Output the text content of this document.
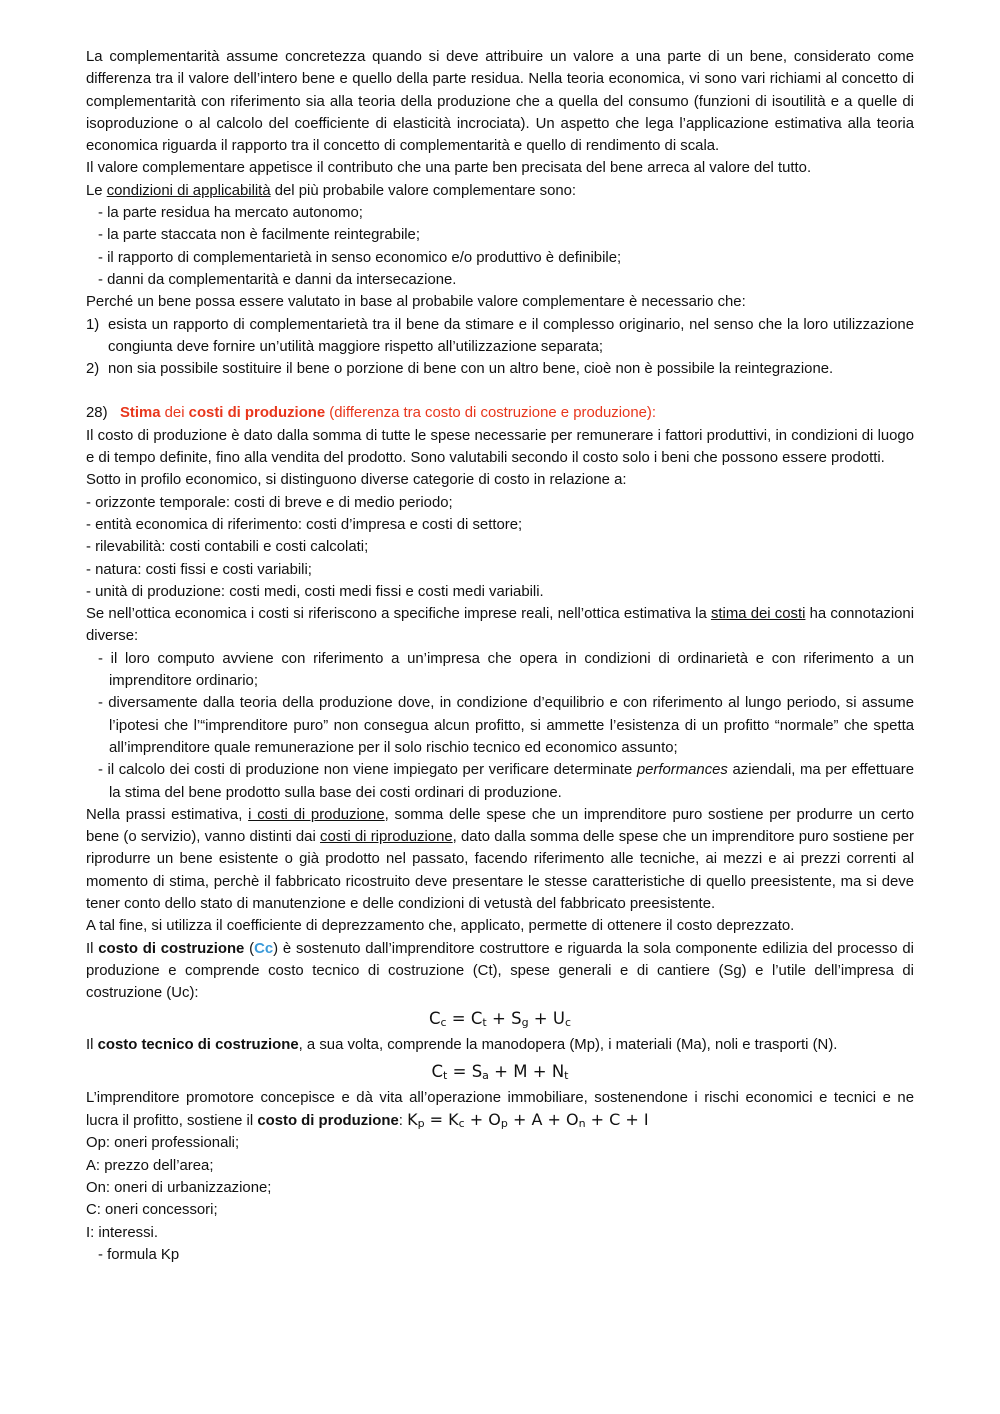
La complementarità assume concretezza quando si deve attribuire un valore a una parte di un bene, considerato come differenza tra il valore dell’intero bene e quello della parte residua. Nella teoria economica, vi sono vari richiami al concetto di complementarità con riferimento sia alla teoria della produzione che a quella del consumo (funzioni di isoutilità e a quelle di isoproduzione o al calcolo del coefficiente di elasticità incrociata). Un aspetto che lega l’applicazione estimativa alla teoria economica riguarda il rapporto tra il concetto di complementarità e quello di rendimento di scala.

Il valore complementare appetisce il contributo che una parte ben precisata del bene arreca al valore del tutto.

Le condizioni di applicabilità del più probabile valore complementare sono:

- la parte residua ha mercato autonomo;
- la parte staccata non è facilmente reintegrabile;
- il rapporto di complementarietà in senso economico e/o produttivo è definibile;
- danni da complementarità e danni da intersecazione.

Perché un bene possa essere valutato in base al probabile valore complementare è necessario che:

1) esista un rapporto di complementarietà tra il bene da stimare e il complesso originario, nel senso che la loro utilizzazione congiunta deve fornire un’utilità maggiore rispetto all’utilizzazione separata;
2) non sia possibile sostituire il bene o porzione di bene con un altro bene, cioè non è possibile la reintegrazione.

28) Stima dei costi di produzione (differenza tra costo di costruzione e produzione):

Il costo di produzione è dato dalla somma di tutte le spese necessarie per remunerare i fattori produttivi, in condizioni di luogo e di tempo definite, fino alla vendita del prodotto. Sono valutabili secondo il costo solo i beni che possono essere prodotti.

Sotto in profilo economico, si distinguono diverse categorie di costo in relazione a:

- orizzonte temporale: costi di breve e di medio periodo;
- entità economica di riferimento: costi d’impresa e costi di settore;
- rilevabilità: costi contabili e costi calcolati;
- natura: costi fissi e costi variabili;
- unità di produzione: costi medi, costi medi fissi e costi medi variabili.

Se nell’ottica economica i costi si riferiscono a specifiche imprese reali, nell’ottica estimativa la stima dei costi ha connotazioni diverse:

- il loro computo avviene con riferimento a un’impresa che opera in condizioni di ordinarietà e con riferimento a un imprenditore ordinario;
- diversamente dalla teoria della produzione dove, in condizione d’equilibrio e con riferimento al lungo periodo, si assume l’ipotesi che l’“imprenditore puro” non consegua alcun profitto, si ammette l’esistenza di un profitto “normale” che spetta all’imprenditore quale remunerazione per il solo rischio tecnico ed economico assunto;
- il calcolo dei costi di produzione non viene impiegato per verificare determinate performances aziendali, ma per effettuare la stima del bene prodotto sulla base dei costi ordinari di produzione.

Nella prassi estimativa, i costi di produzione, somma delle spese che un imprenditore puro sostiene per produrre un certo bene (o servizio), vanno distinti dai costi di riproduzione, dato dalla somma delle spese che un imprenditore puro sostiene per riprodurre un bene esistente o già prodotto nel passato, facendo riferimento alle tecniche, ai mezzi e ai prezzi correnti al momento di stima, perchè il fabbricato ricostruito deve presentare le stesse caratteristiche di quello preesistente, ma si deve tener conto dello stato di manutenzione e delle condizioni di vetustà del fabbricato preesistente.

A tal fine, si utilizza il coefficiente di deprezzamento che, applicato, permette di ottenere il costo deprezzato.

Il costo di costruzione (Cc) è sostenuto dall’imprenditore costruttore e riguarda la sola componente edilizia del processo di produzione e comprende costo tecnico di costruzione (Ct), spese generali e di cantiere (Sg) e l’utile dell’impresa di costruzione (Uc):

$C_c = C_t + S_g + U_c$

Il costo tecnico di costruzione, a sua volta, comprende la manodopera (Mp), i materiali (Ma), noli e trasporti (N).

$C_t = S_a + M + N_t$

L’imprenditore promotore concepisce e dà vita all’operazione immobiliare, sostenendone i rischi economici e tecnici e ne lucra il profitto, sostiene il costo di produzione: $K_p = K_c + O_p + A + O_n + C + I$

Op: oneri professionali;

A: prezzo dell’area;

On: oneri di urbanizzazione;

C: oneri concessori;

I: interessi.

- formula Kp
